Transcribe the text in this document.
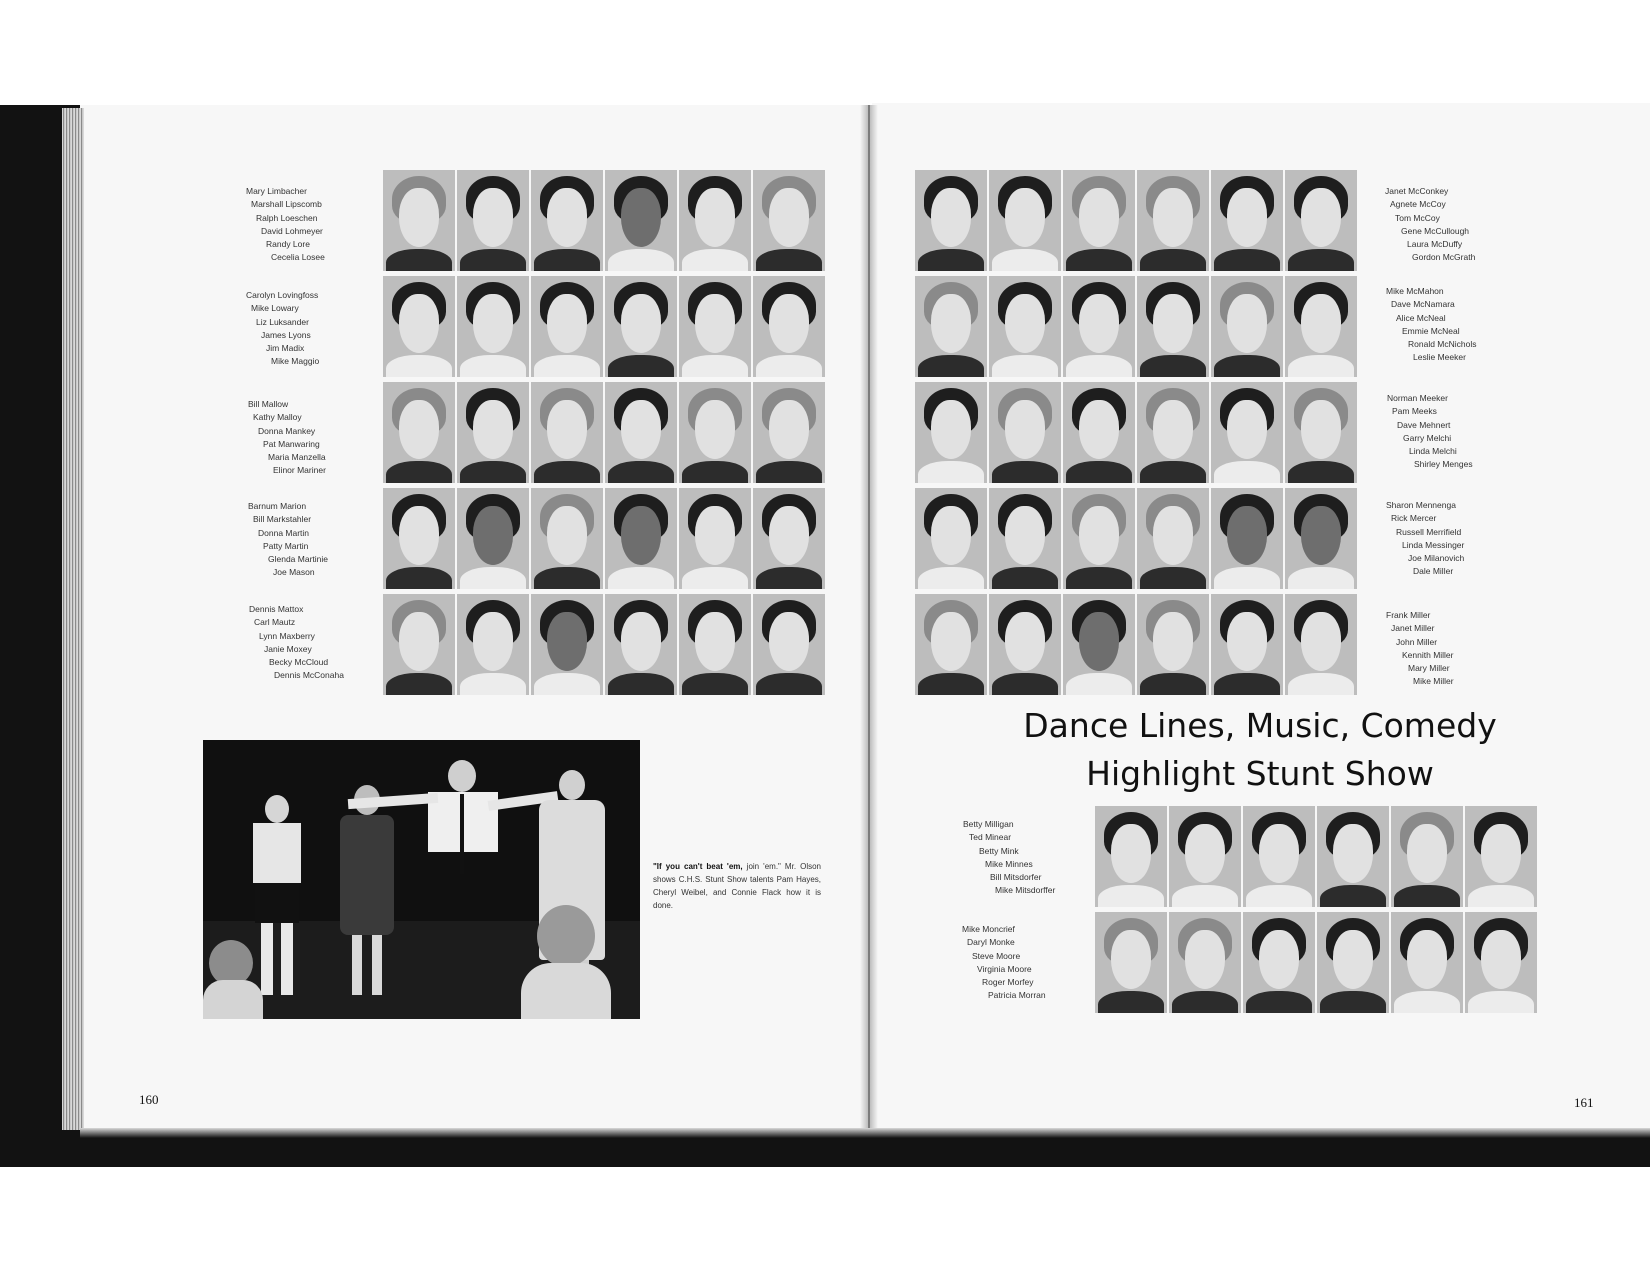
Mary Limbacher
Marshall Lipscomb
Ralph Loeschen
David Lohmeyer
Randy Lore
Cecelia Losee
Carolyn Lovingfoss
Mike Lowary
Liz Luksander
James Lyons
Jim Madix
Mike Maggio
Bill Mallow
Kathy Malloy
Donna Mankey
Pat Manwaring
Maria Manzella
Elinor Mariner
Barnum Marion
Bill Markstahler
Donna Martin
Patty Martin
Glenda Martinie
Joe Mason
Dennis Mattox
Carl Mautz
Lynn Maxberry
Janie Moxey
Becky McCloud
Dennis McConaha
"If you can't beat 'em, join 'em." Mr. Olson shows C.H.S. Stunt Show talents Pam Hayes, Cheryl Weibel, and Connie Flack how it is done.
160
Janet McConkey
Agnete McCoy
Tom McCoy
Gene McCullough
Laura McDuffy
Gordon McGrath
Mike McMahon
Dave McNamara
Alice McNeal
Emmie McNeal
Ronald McNichols
Leslie Meeker
Norman Meeker
Pam Meeks
Dave Mehnert
Garry Melchi
Linda Melchi
Shirley Menges
Sharon Mennenga
Rick Mercer
Russell Merrifield
Linda Messinger
Joe Milanovich
Dale Miller
Frank Miller
Janet Miller
John Miller
Kennith Miller
Mary Miller
Mike Miller
Dance Lines, Music, Comedy
Highlight Stunt Show
Betty Milligan
Ted Minear
Betty Mink
Mike Minnes
Bill Mitsdorfer
Mike Mitsdorffer
Mike Moncrief
Daryl Monke
Steve Moore
Virginia Moore
Roger Morfey
Patricia Morran
161
